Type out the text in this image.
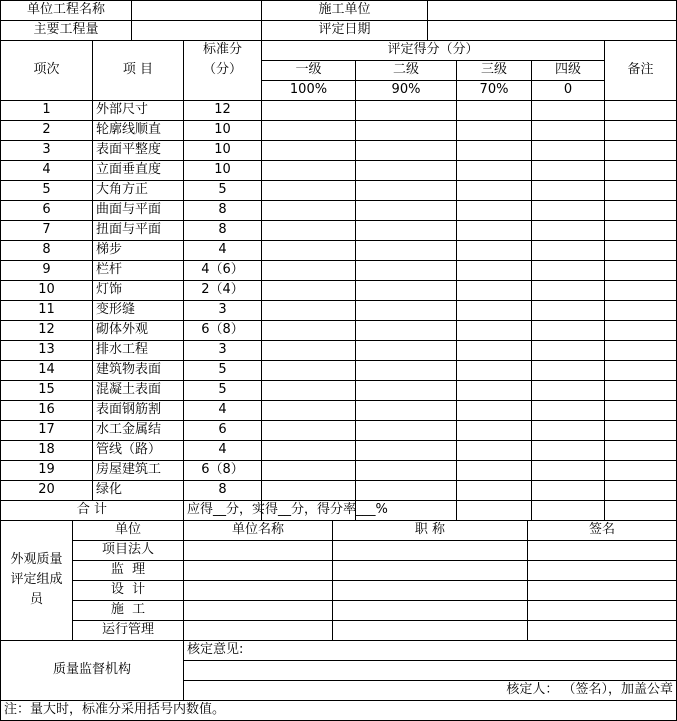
单位工程名称	施工单位
主要工程量	评定日期
项次	项 目
标准分
（分）
评定得分（分）
备注
一级	二级	三级	四级
100%	90%	70%	0
1	外部尺寸	12
2	轮廓线顺直	10
3	表面平整度	10
4	立面垂直度	10
5	大角方正	5
6	曲面与平面	8
7	扭面与平面	8
8	梯步	4
9	栏杆	4（6）
10	灯饰	2（4）
11	变形缝	3
12	砌体外观	6（8）
13	排水工程	3
14	建筑物表面	5
15	混凝土表面	5
16	表面钢筋割	4
17	水工金属结	6
18	管线（路）	4
19	房屋建筑工	6（8）
20	绿化	8
合 计	应得__分，实得__分，得分率___%
外观质量评定组成员
单位	单位名称	职 称	签名
项目法人
监  理
设  计
施  工
运行管理
质量监督机构
核定意见:
核定人： （签名），加盖公章
注：量大时，标准分采用括号内数值。
